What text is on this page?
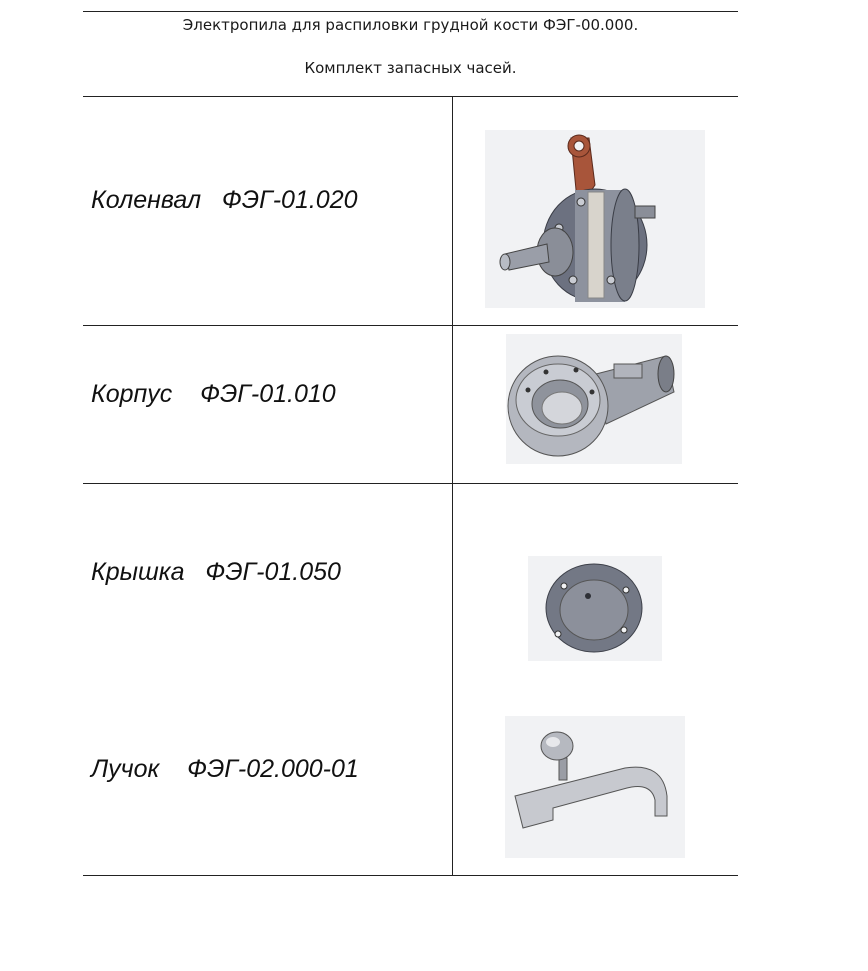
Электропила для распиловки грудной кости ФЭГ-00.000.
Комплект запасных часей.
Коленвал   ФЭГ-01.020
Корпус    ФЭГ-01.010
Крышка   ФЭГ-01.050
Лучок    ФЭГ-02.000-01
